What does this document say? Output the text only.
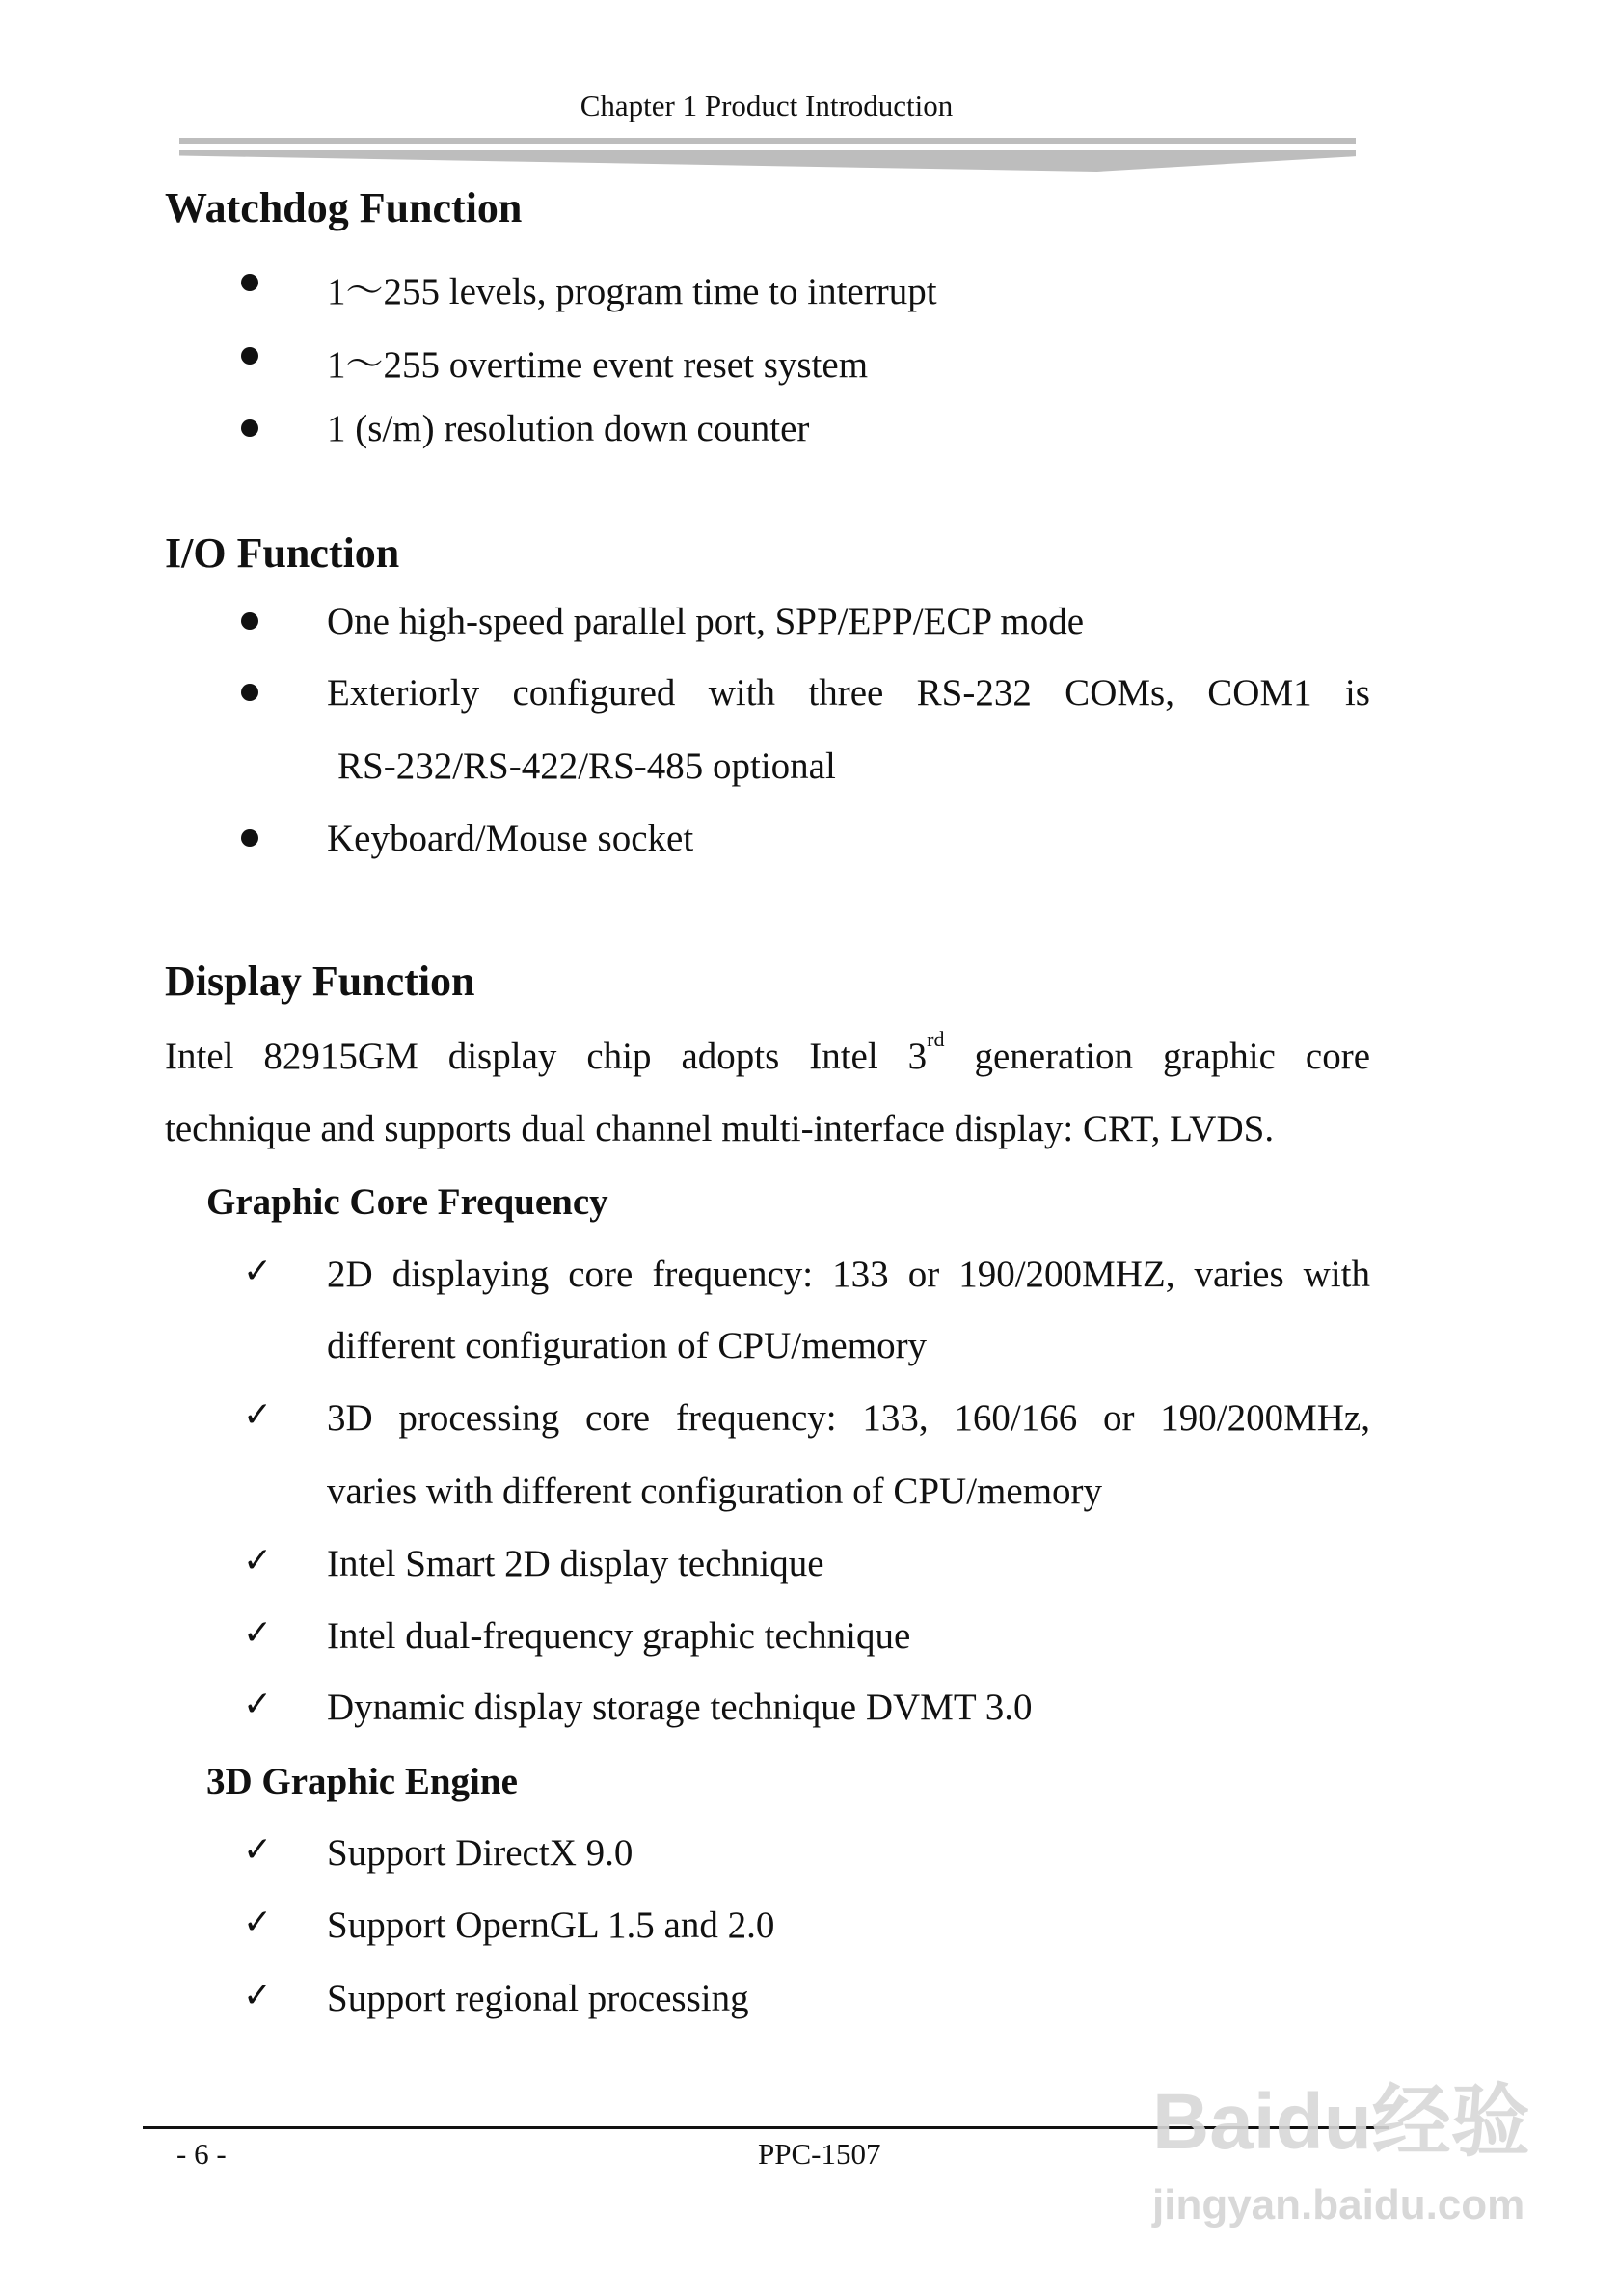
Chapter 1 Product Introduction
Watchdog Function
1～255 levels, program time to interrupt
1～255 overtime event reset system
1 (s/m) resolution down counter
I/O Function
One high-speed parallel port, SPP/EPP/ECP mode
Exteriorly configured with three RS-232 COMs, COM1 is
RS-232/RS-422/RS-485 optional
Keyboard/Mouse socket
Display Function
Intel 82915GM display chip adopts Intel 3rd generation graphic core
technique and supports dual channel multi-interface display: CRT, LVDS.
Graphic Core Frequency
✓ 2D displaying core frequency: 133 or 190/200MHZ, varies with
different configuration of CPU/memory
✓ 3D processing core frequency: 133, 160/166 or 190/200MHz,
varies with different configuration of CPU/memory
✓ Intel Smart 2D display technique
✓ Intel dual-frequency graphic technique
✓ Dynamic display storage technique DVMT 3.0
3D Graphic Engine
✓ Support DirectX 9.0
✓ Support OpernGL 1.5 and 2.0
✓ Support regional processing
- 6 -	PPC-1507	Baidu经验
jingyan.baidu.com
